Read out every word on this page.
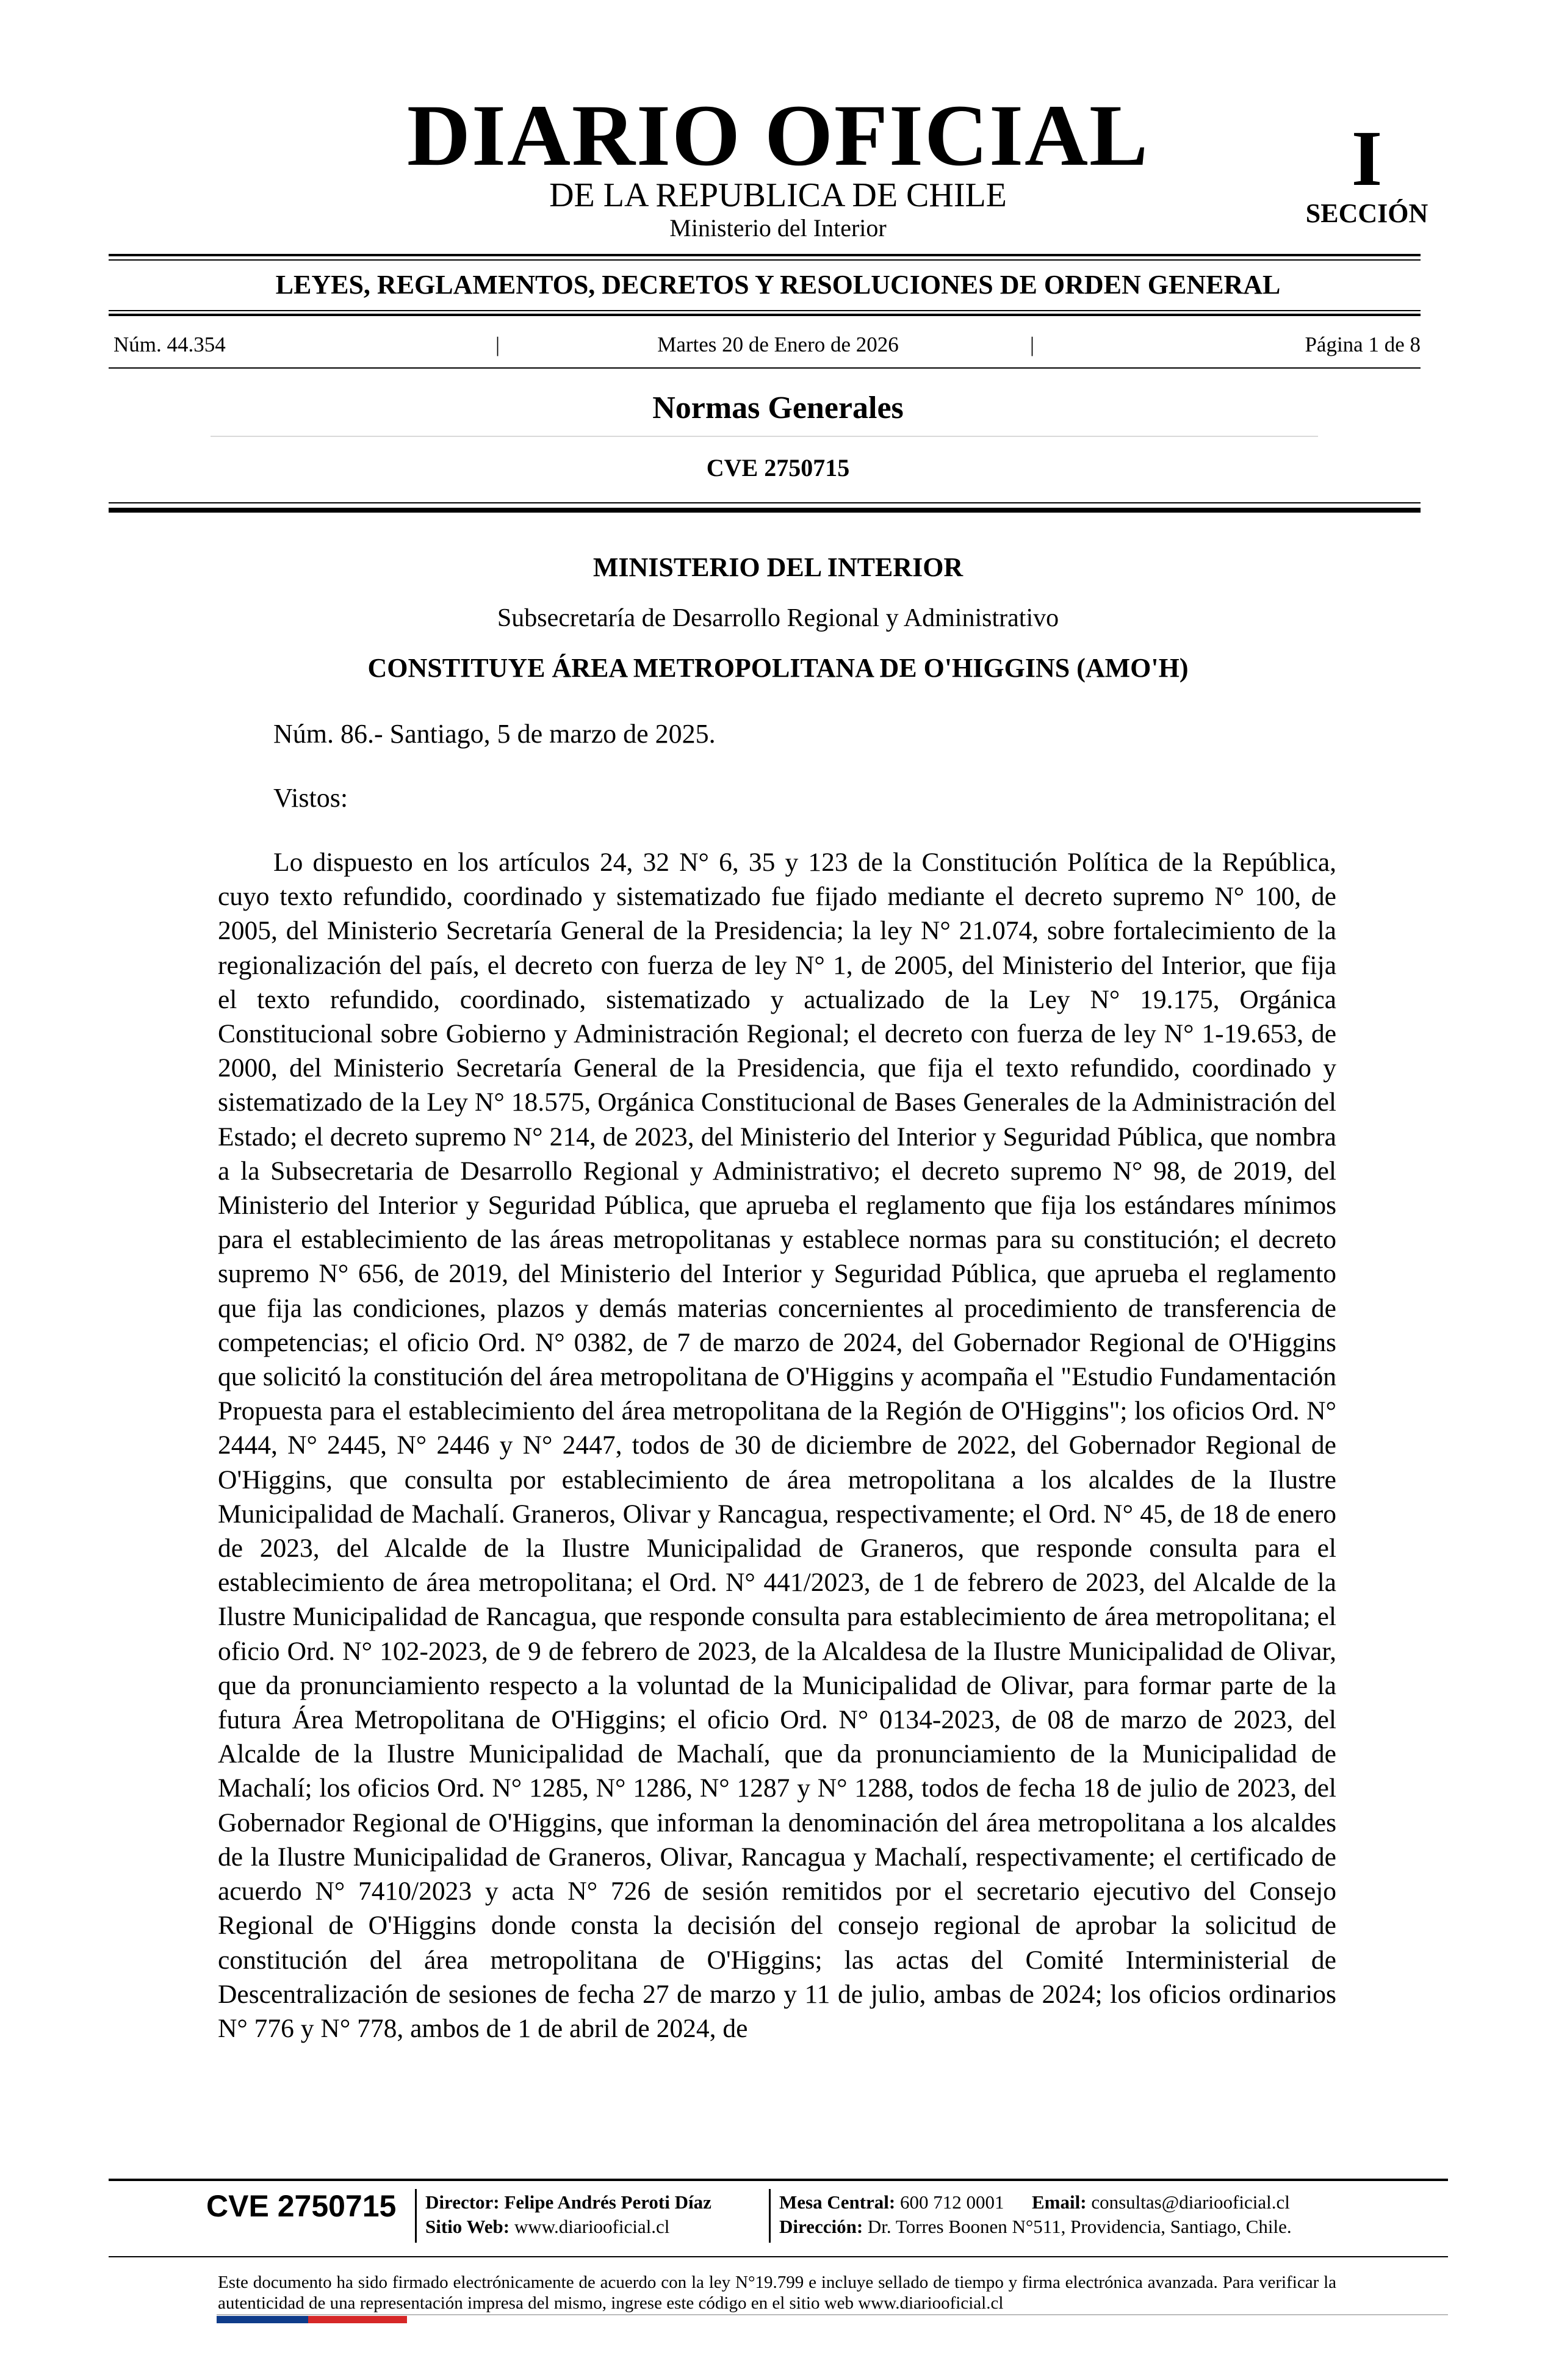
DIARIO OFICIAL
DE LA REPUBLICA DE CHILE
Ministerio del Interior
I
SECCIÓN
LEYES, REGLAMENTOS, DECRETOS Y RESOLUCIONES DE ORDEN GENERAL
Núm. 44.354	|	Martes 20 de Enero de 2026	|	Página 1 de 8
Normas Generales
CVE 2750715
MINISTERIO DEL INTERIOR
Subsecretaría de Desarrollo Regional y Administrativo
CONSTITUYE ÁREA METROPOLITANA DE O'HIGGINS (AMO'H)
Núm. 86.- Santiago, 5 de marzo de 2025.
Vistos:

Lo dispuesto en los artículos 24, 32 N° 6, 35 y 123 de la Constitución Política de la República, cuyo texto refundido, coordinado y sistematizado fue fijado mediante el decreto supremo N° 100, de 2005, del Ministerio Secretaría General de la Presidencia; la ley N° 21.074, sobre fortalecimiento de la regionalización del país, el decreto con fuerza de ley N° 1, de 2005, del Ministerio del Interior, que fija el texto refundido, coordinado, sistematizado y actualizado de la Ley N° 19.175, Orgánica Constitucional sobre Gobierno y Administración Regional; el decreto con fuerza de ley N° 1-19.653, de 2000, del Ministerio Secretaría General de la Presidencia, que fija el texto refundido, coordinado y sistematizado de la Ley N° 18.575, Orgánica Constitucional de Bases Generales de la Administración del Estado; el decreto supremo N° 214, de 2023, del Ministerio del Interior y Seguridad Pública, que nombra a la Subsecretaria de Desarrollo Regional y Administrativo; el decreto supremo N° 98, de 2019, del Ministerio del Interior y Seguridad Pública, que aprueba el reglamento que fija los estándares mínimos para el establecimiento de las áreas metropolitanas y establece normas para su constitución; el decreto supremo N° 656, de 2019, del Ministerio del Interior y Seguridad Pública, que aprueba el reglamento que fija las condiciones, plazos y demás materias concernientes al procedimiento de transferencia de competencias; el oficio Ord. N° 0382, de 7 de marzo de 2024, del Gobernador Regional de O'Higgins que solicitó la constitución del área metropolitana de O'Higgins y acompaña el "Estudio Fundamentación Propuesta para el establecimiento del área metropolitana de la Región de O'Higgins"; los oficios Ord. N° 2444, N° 2445, N° 2446 y N° 2447, todos de 30 de diciembre de 2022, del Gobernador Regional de O'Higgins, que consulta por establecimiento de área metropolitana a los alcaldes de la Ilustre Municipalidad de Machalí. Graneros, Olivar y Rancagua, respectivamente; el Ord. N° 45, de 18 de enero de 2023, del Alcalde de la Ilustre Municipalidad de Graneros, que responde consulta para el establecimiento de área metropolitana; el Ord. N° 441/2023, de 1 de febrero de 2023, del Alcalde de la Ilustre Municipalidad de Rancagua, que responde consulta para establecimiento de área metropolitana; el oficio Ord. N° 102-2023, de 9 de febrero de 2023, de la Alcaldesa de la Ilustre Municipalidad de Olivar, que da pronunciamiento respecto a la voluntad de la Municipalidad de Olivar, para formar parte de la futura Área Metropolitana de O'Higgins; el oficio Ord. N° 0134-2023, de 08 de marzo de 2023, del Alcalde de la Ilustre Municipalidad de Machalí, que da pronunciamiento de la Municipalidad de Machalí; los oficios Ord. N° 1285, N° 1286, N° 1287 y N° 1288, todos de fecha 18 de julio de 2023, del Gobernador Regional de O'Higgins, que informan la denominación del área metropolitana a los alcaldes de la Ilustre Municipalidad de Graneros, Olivar, Rancagua y Machalí, respectivamente; el certificado de acuerdo N° 7410/2023 y acta N° 726 de sesión remitidos por el secretario ejecutivo del Consejo Regional de O'Higgins donde consta la decisión del consejo regional de aprobar la solicitud de constitución del área metropolitana de O'Higgins; las actas del Comité Interministerial de Descentralización de sesiones de fecha 27 de marzo y 11 de julio, ambas de 2024; los oficios ordinarios N° 776 y N° 778, ambos de 1 de abril de 2024, de

CVE 2750715 Director: Felipe Andrés Peroti Díaz
Sitio Web: www.diariooficial.cl
Mesa Central: 600 712 0001 Email: consultas@diariooficial.cl
Dirección: Dr. Torres Boonen N°511, Providencia, Santiago, Chile.

Este documento ha sido firmado electrónicamente de acuerdo con la ley N°19.799 e incluye sellado de tiempo y firma electrónica avanzada. Para verificar la autenticidad de una representación impresa del mismo, ingrese este código en el sitio web www.diariooficial.cl
